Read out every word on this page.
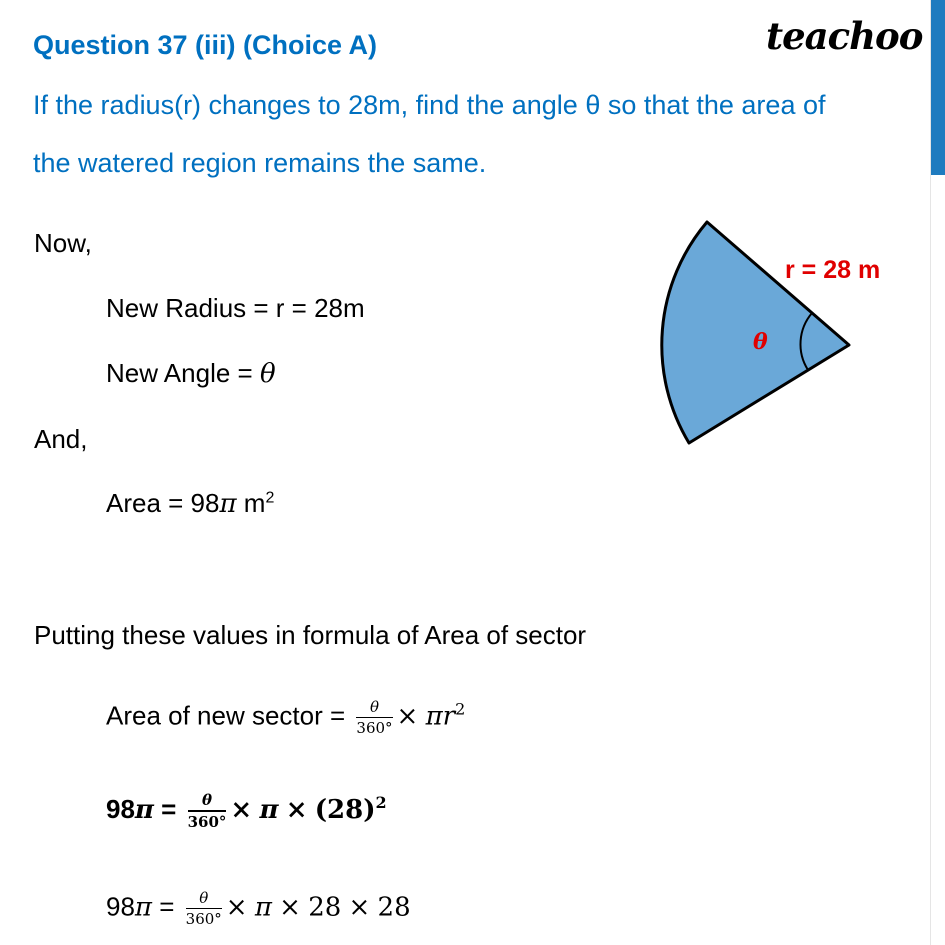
Question 37 (iii) (Choice A)	teachoo
If the radius(r) changes to 28m, find the angle θ so that the area of
the watered region remains the same.
Now,
New Radius = r = 28m
New Angle = θ
And,
Area = 98π $m^2$
Putting these values in formula of Area of sector
Area of new sector = $\frac{\theta}{360^\circ} \times \pi r^2$
$98\pi = \frac{\theta}{360^\circ} \times \pi \times (28)^2$
$98\pi = \frac{\theta}{360^\circ} \times \pi \times 28 \times 28$
r = 28 m
θ
